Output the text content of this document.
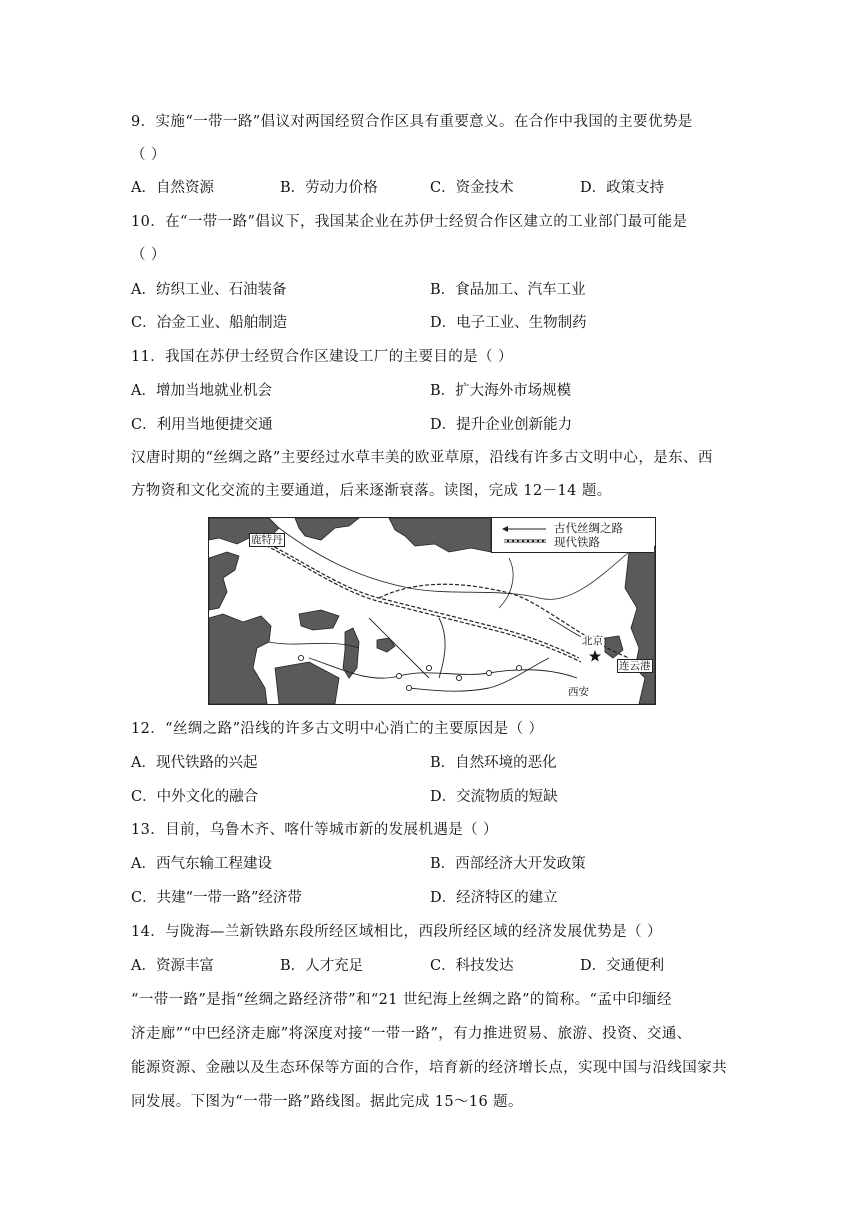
9．实施“一带一路”倡议对两国经贸合作区具有重要意义。在合作中我国的主要优势是
（ ）
A．自然资源	B．劳动力价格	C．资金技术	D．政策支持
10．在“一带一路”倡议下，我国某企业在苏伊士经贸合作区建立的工业部门最可能是
（ ）
A．纺织工业、石油装备	B．食品加工、汽车工业
C．冶金工业、船舶制造	D．电子工业、生物制药
11．我国在苏伊士经贸合作区建设工厂的主要目的是（ ）
A．增加当地就业机会	B．扩大海外市场规模
C．利用当地便捷交通	D．提升企业创新能力
汉唐时期的“丝绸之路”主要经过水草丰美的欧亚草原，沿线有许多古文明中心，是东、西
方物资和文化交流的主要通道，后来逐渐衰落。读图，完成 12－14 题。
古代丝绸之路
现代铁路
鹿特丹
北京
连云港
西安
12．“丝绸之路”沿线的许多古文明中心消亡的主要原因是（ ）
A．现代铁路的兴起	B．自然环境的恶化
C．中外文化的融合	D．交流物质的短缺
13．目前，乌鲁木齐、喀什等城市新的发展机遇是（ ）
A．西气东输工程建设	B．西部经济大开发政策
C．共建“一带一路”经济带	D．经济特区的建立
14．与陇海—兰新铁路东段所经区域相比，西段所经区域的经济发展优势是（ ）
A．资源丰富	B．人才充足	C．科技发达	D．交通便利
“一带一路”是指“丝绸之路经济带”和“21 世纪海上丝绸之路”的简称。“孟中印缅经
济走廊”“中巴经济走廊”将深度对接“一带一路”，有力推进贸易、旅游、投资、交通、
能源资源、金融以及生态环保等方面的合作，培育新的经济增长点，实现中国与沿线国家共
同发展。下图为“一带一路”路线图。据此完成 15～16 题。
